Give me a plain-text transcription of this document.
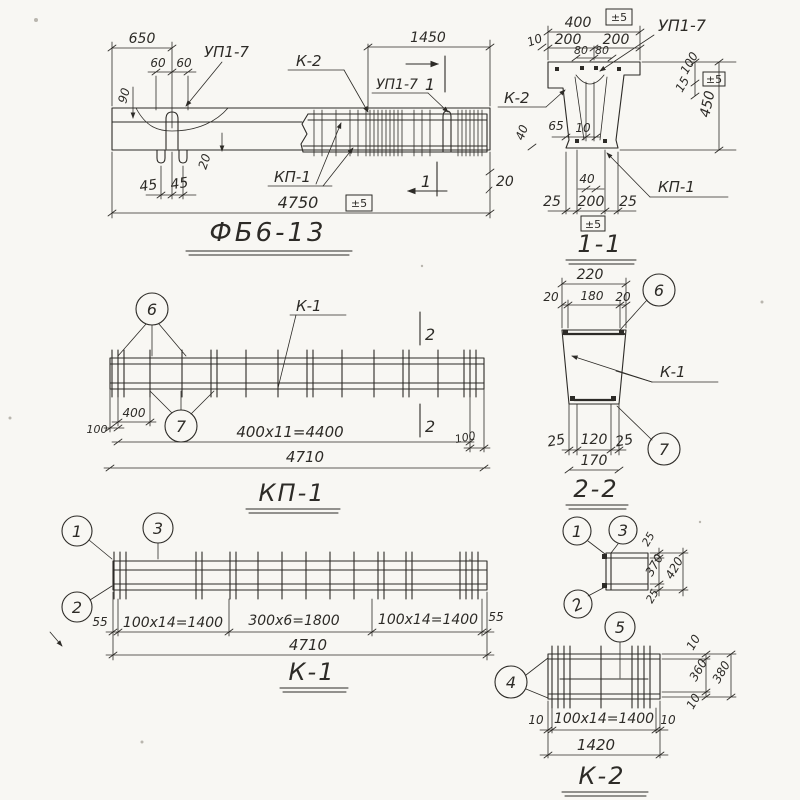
650
60 60
УП1-7	К-2
1450
УП1-7 1
1
90
45 45
20
КП-1
4750	±5
20
ФБ6-13
400 ±5
200 200
80 80
10
УП1-7
К-2
100
15 ±5
450
65 10
40
40
25 200 25
±5
КП-1
1-1
6	К-1
7
400
100	400x11=4400
4710
100
2
2
КП-1
220
20 180 20 6
К-1
7
25 120 25
170
2-2
1	3
2
55 100x14=1400 300x6=1800	100x14=1400 55
4710
К-1
1 3
2
25
370
25
420
5
4
10 100x14=1400 10
1420
10
360
10
380
К-2
